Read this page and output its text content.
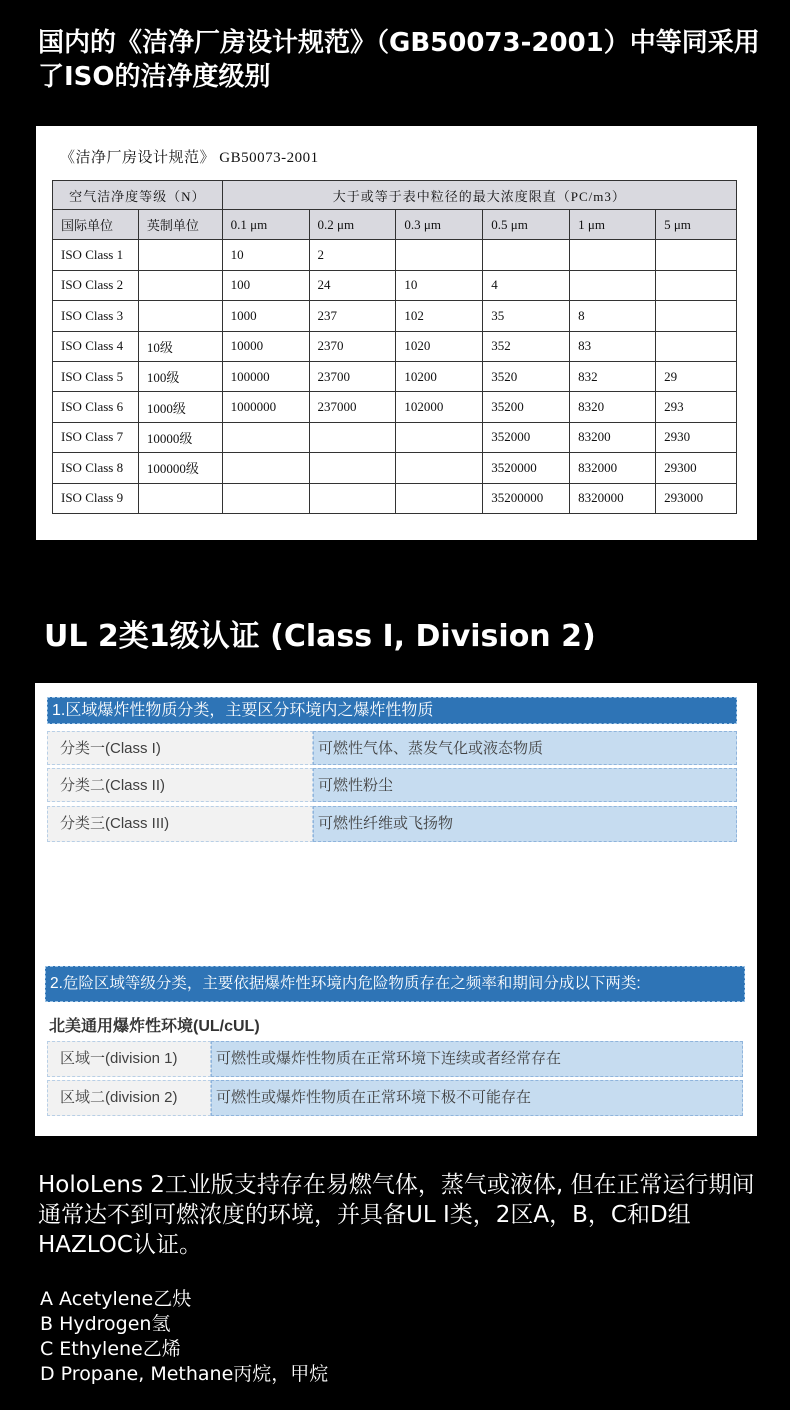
国内的《洁净厂房设计规范》（GB50073-2001）中等同采用了ISO的洁净度级别
《洁净厂房设计规范》 GB50073-2001
空气洁净度等级（N）		大于或等于表中粒径的最大浓度限直（PC/m3）					
国际单位	英制单位	0.1 μm	0.2 μm	0.3 μm	0.5 μm	1 μm	5 μm
ISO Class 1		10	2				
ISO Class 2		100	24	10	4		
ISO Class 3		1000	237	102	35	8	
ISO Class 4	10级	10000	2370	1020	352	83	
ISO Class 5	100级	100000	23700	10200	3520	832	29
ISO Class 6	1000级	1000000	237000	102000	35200	8320	293
ISO Class 7	10000级				352000	83200	2930
ISO Class 8	100000级				3520000	832000	29300
ISO Class 9					35200000	8320000	293000
UL 2类1级认证 (Class I, Division 2)
1.区域爆炸性物质分类，主要区分环境内之爆炸性物质
分类一(Class I)	可燃性气体、蒸发气化或液态物质
分类二(Class II)	可燃性粉尘
分类三(Class III)	可燃性纤维或飞扬物
2.危险区域等级分类，主要依据爆炸性环境内危险物质存在之频率和期间分成以下两类:
北美通用爆炸性环境(UL/cUL)
区域一(division 1)	可燃性或爆炸性物质在正常环境下连续或者经常存在
区域二(division 2)	可燃性或爆炸性物质在正常环境下极不可能存在
HoloLens 2工业版支持存在易燃气体，蒸气或液体, 但在正常运行期间通常达不到可燃浓度的环境，并具备UL I类，2区A，B，C和D组HAZLOC认证。
A Acetylene乙炔
B Hydrogen氢
C Ethylene乙烯
D Propane, Methane丙烷，甲烷
